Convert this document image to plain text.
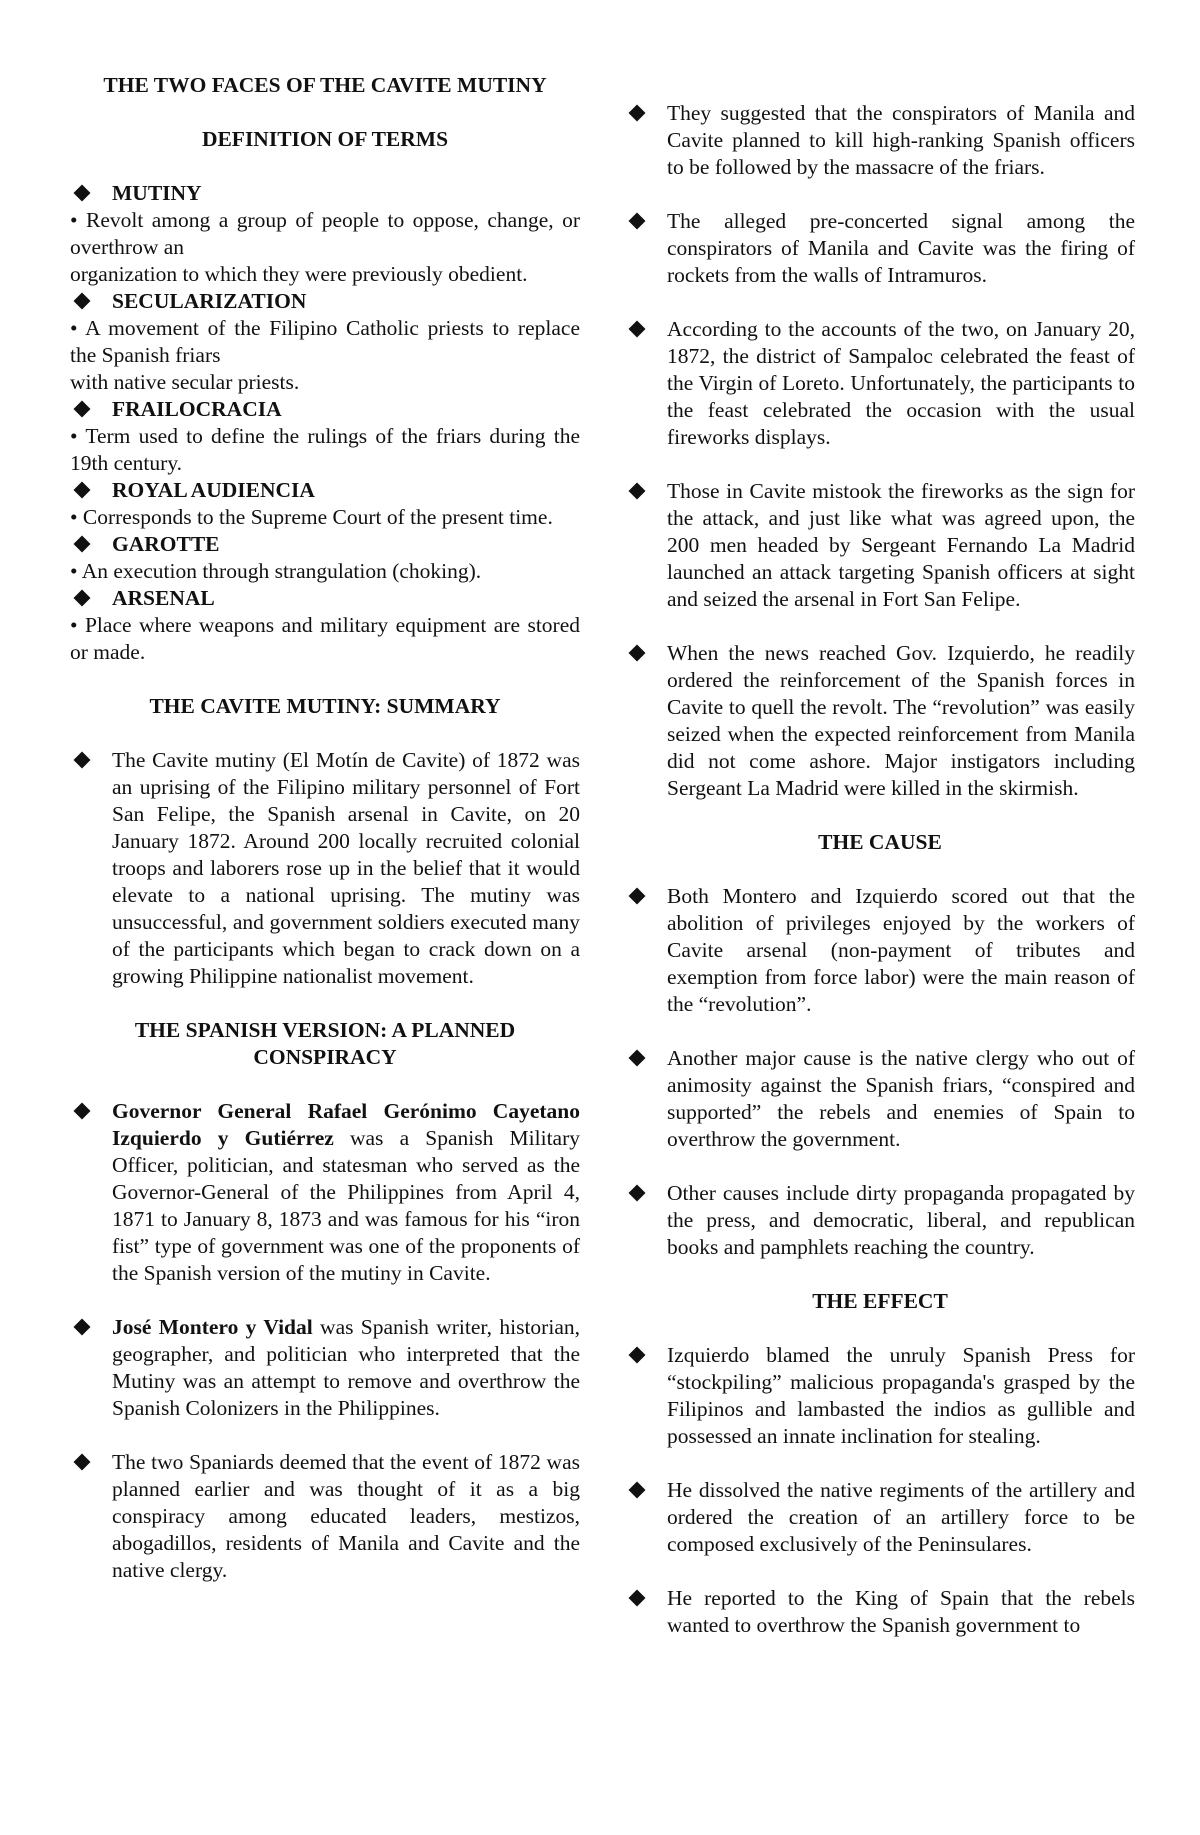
THE TWO FACES OF THE CAVITE MUTINY
DEFINITION OF TERMS
MUTINY
• Revolt among a group of people to oppose, change, or overthrow an
organization to which they were previously obedient.
SECULARIZATION
• A movement of the Filipino Catholic priests to replace the Spanish friars
with native secular priests.
FRAILOCRACIA
• Term used to define the rulings of the friars during the 19th century.
ROYAL AUDIENCIA
• Corresponds to the Supreme Court of the present time.
GAROTTE
• An execution through strangulation (choking).
ARSENAL
• Place where weapons and military equipment are stored or made.
THE CAVITE MUTINY: SUMMARY
The Cavite mutiny (El Motín de Cavite) of 1872 was an uprising of the Filipino military personnel of Fort San Felipe, the Spanish arsenal in Cavite, on 20 January 1872. Around 200 locally recruited colonial troops and laborers rose up in the belief that it would elevate to a national uprising. The mutiny was unsuccessful, and government soldiers executed many of the participants which began to crack down on a growing Philippine nationalist movement.
THE SPANISH VERSION: A PLANNED CONSPIRACY
Governor General Rafael Gerónimo Cayetano Izquierdo y Gutiérrez was a Spanish Military Officer, politician, and statesman who served as the Governor-General of the Philippines from April 4, 1871 to January 8, 1873 and was famous for his “iron fist” type of government was one of the proponents of the Spanish version of the mutiny in Cavite.
José Montero y Vidal was Spanish writer, historian, geographer, and politician who interpreted that the Mutiny was an attempt to remove and overthrow the Spanish Colonizers in the Philippines.
The two Spaniards deemed that the event of 1872 was planned earlier and was thought of it as a big conspiracy among educated leaders, mestizos, abogadillos, residents of Manila and Cavite and the native clergy.
They suggested that the conspirators of Manila and Cavite planned to kill high-ranking Spanish officers to be followed by the massacre of the friars.
The alleged pre-concerted signal among the conspirators of Manila and Cavite was the firing of rockets from the walls of Intramuros.
According to the accounts of the two, on January 20, 1872, the district of Sampaloc celebrated the feast of the Virgin of Loreto. Unfortunately, the participants to the feast celebrated the occasion with the usual fireworks displays.
Those in Cavite mistook the fireworks as the sign for the attack, and just like what was agreed upon, the 200 men headed by Sergeant Fernando La Madrid launched an attack targeting Spanish officers at sight and seized the arsenal in Fort San Felipe.
When the news reached Gov. Izquierdo, he readily ordered the reinforcement of the Spanish forces in Cavite to quell the revolt. The “revolution” was easily seized when the expected reinforcement from Manila did not come ashore. Major instigators including Sergeant La Madrid were killed in the skirmish.
THE CAUSE
Both Montero and Izquierdo scored out that the abolition of privileges enjoyed by the workers of Cavite arsenal (non-payment of tributes and exemption from force labor) were the main reason of the “revolution”.
Another major cause is the native clergy who out of animosity against the Spanish friars, “conspired and supported” the rebels and enemies of Spain to overthrow the government.
Other causes include dirty propaganda propagated by the press, and democratic, liberal, and republican books and pamphlets reaching the country.
THE EFFECT
Izquierdo blamed the unruly Spanish Press for “stockpiling” malicious propaganda's grasped by the Filipinos and lambasted the indios as gullible and possessed an innate inclination for stealing.
He dissolved the native regiments of the artillery and ordered the creation of an artillery force to be composed exclusively of the Peninsulares.
He reported to the King of Spain that the rebels wanted to overthrow the Spanish government to
